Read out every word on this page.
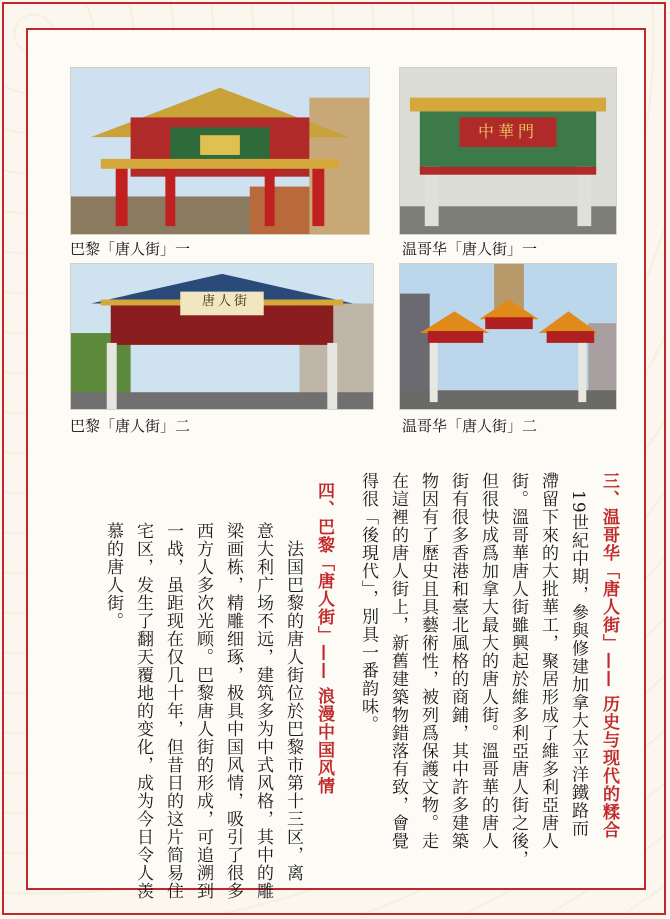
巴黎「唐人街」一
中華門
温哥华「唐人街」一
唐人街
巴黎「唐人街」二	温哥华「唐人街」二
三、温哥华「唐人街」—— 历史与现代的糅合
　19世紀中期，參與修建加拿大太平洋鐵路而
滯留下來的大批華工，聚居形成了維多利亞唐人
街。溫哥華唐人街雖興起於維多利亞唐人街之後，
但很快成爲加拿大最大的唐人街。溫哥華的唐人
街有很多香港和臺北風格的商鋪，其中許多建築
物因有了歷史且具藝術性，被列爲保護文物。走
在這裡的唐人街上，新舊建築物錯落有致，會覺
得很「後現代」，別具一番韵味。
四、巴黎「唐人街」—— 浪漫中国风情
　法国巴黎的唐人街位於巴黎市第十三区，离
意大利广场不远，建筑多为中式风格，其中的雕
梁画栋，精雕细琢，极具中国风情，吸引了很多
西方人多次光顾。巴黎唐人街的形成，可追溯到
一战，虽距现在仅几十年，但昔日的这片简易住
宅区，发生了翻天覆地的变化，成为今日令人羡
慕的唐人街。
